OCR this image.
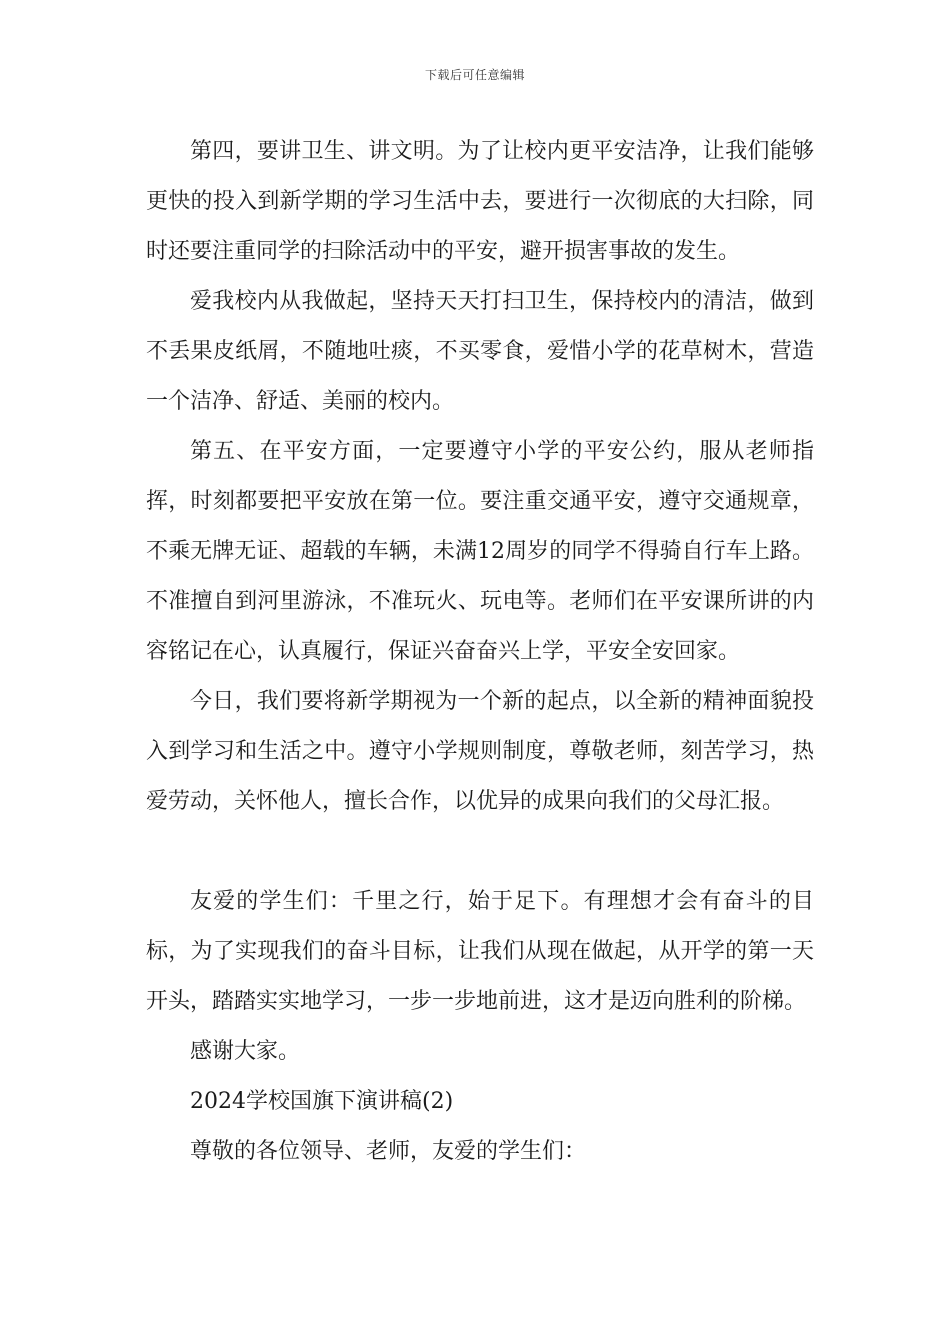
下载后可任意编辑

第四，要讲卫生、讲文明。为了让校内更平安洁净，让我们能够更快的投入到新学期的学习生活中去，要进行一次彻底的大扫除，同时还要注重同学的扫除活动中的平安，避开损害事故的发生。

爱我校内从我做起，坚持天天打扫卫生，保持校内的清洁，做到不丢果皮纸屑，不随地吐痰，不买零食，爱惜小学的花草树木，营造一个洁净、舒适、美丽的校内。

第五、在平安方面，一定要遵守小学的平安公约，服从老师指挥，时刻都要把平安放在第一位。要注重交通平安，遵守交通规章，不乘无牌无证、超载的车辆，未满12周岁的同学不得骑自行车上路。不准擅自到河里游泳，不准玩火、玩电等。老师们在平安课所讲的内容铭记在心，认真履行，保证兴奋奋兴上学，平安全安回家。

今日，我们要将新学期视为一个新的起点，以全新的精神面貌投入到学习和生活之中。遵守小学规则制度，尊敬老师，刻苦学习，热爱劳动，关怀他人，擅长合作，以优异的成果向我们的父母汇报。

友爱的学生们：千里之行，始于足下。有理想才会有奋斗的目标，为了实现我们的奋斗目标，让我们从现在做起，从开学的第一天开头，踏踏实实地学习，一步一步地前进，这才是迈向胜利的阶梯。

感谢大家。

2024学校国旗下演讲稿(2)

尊敬的各位领导、老师，友爱的学生们：
